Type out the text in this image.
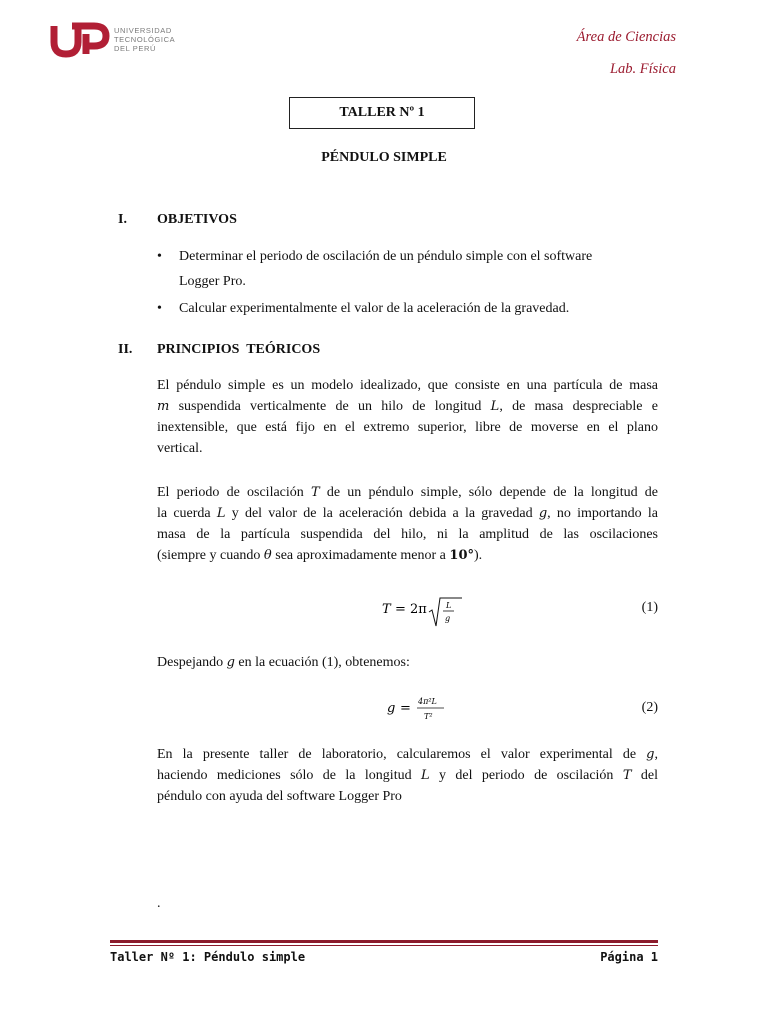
UNIVERSIDAD
TECNOLÓGICA
DEL PERÚ
Área de Ciencias
Lab. Física
TALLER Nº 1
PÉNDULO SIMPLE
I. OBJETIVOS
• Determinar el periodo de oscilación de un péndulo simple con el software
Logger Pro.
• Calcular experimentalmente el valor de la aceleración de la gravedad.
II. PRINCIPIOS  TEÓRICOS
El péndulo simple es un modelo idealizado, que consiste en una partícula de masa
m suspendida verticalmente de un hilo de longitud L, de masa despreciable e
inextensible, que está fijo en el extremo superior, libre de moverse en el plano
vertical.
El periodo de oscilación T de un péndulo simple, sólo depende de la longitud de
la cuerda L y del valor de la aceleración debida a la gravedad g, no importando la
masa de la partícula suspendida del hilo, ni la amplitud de las oscilaciones
(siempre y cuando θ sea aproximadamente menor a 10°).
T = 2π L
g
(1)
Despejando g en la ecuación (1), obtenemos:
g = 4π²L
T²
(2)
En la presente taller de laboratorio, calcularemos el valor experimental de g,
haciendo mediciones sólo de la longitud L y del periodo de oscilación T del
péndulo con ayuda del software Logger Pro
.
Taller Nº 1: Péndulo simple	Página 1
